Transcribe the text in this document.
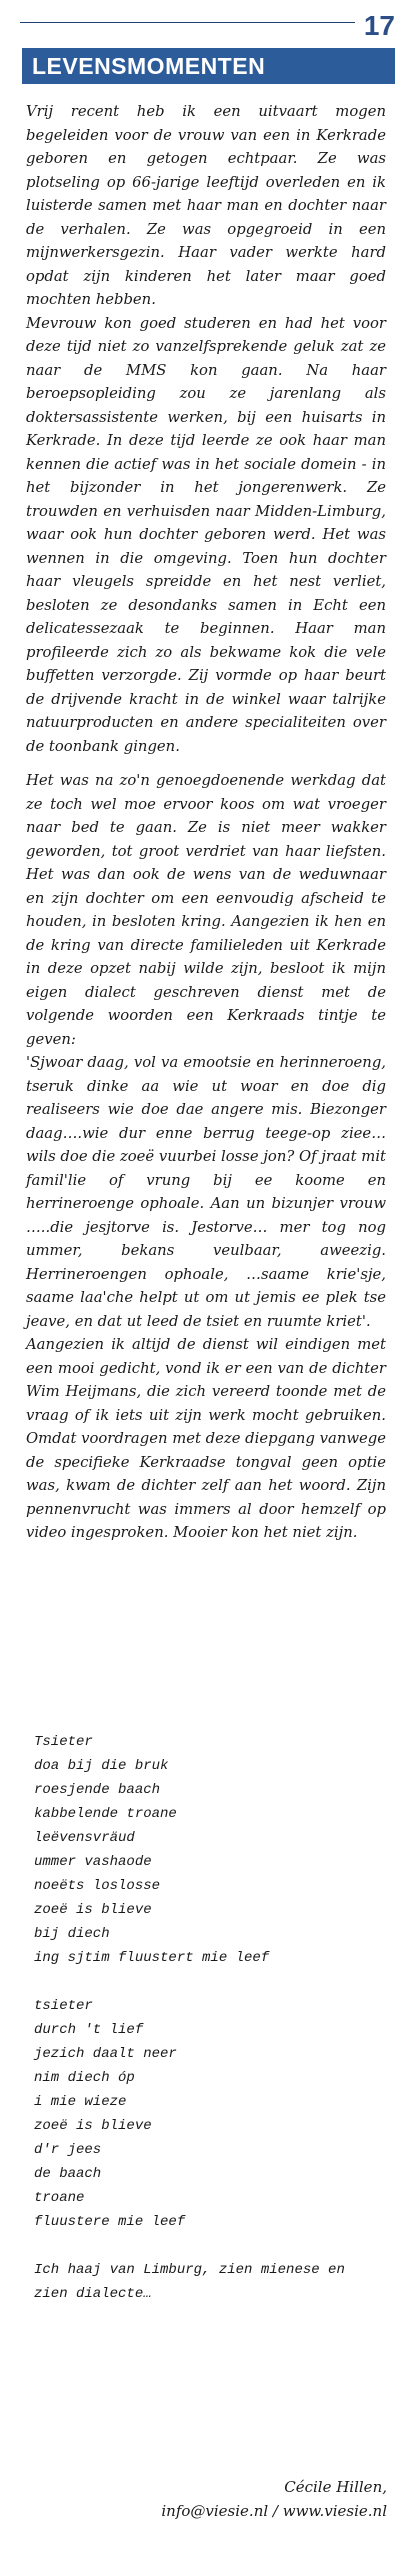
17
LEVENSMOMENTEN

Vrij recent heb ik een uitvaart mogen begeleiden voor de vrouw van een in Kerkrade geboren en getogen echtpaar. Ze was plotseling op 66-jarige leeftijd overleden en ik luisterde samen met haar man en dochter naar de verhalen. Ze was opgegroeid in een mijnwerkersgezin. Haar vader werkte hard opdat zijn kinderen het later maar goed mochten hebben.

Mevrouw kon goed studeren en had het voor deze tijd niet zo vanzelfsprekende geluk zat ze naar de MMS kon gaan. Na haar beroepsopleiding zou ze jarenlang als doktersassistente werken, bij een huisarts in Kerkrade. In deze tijd leerde ze ook haar man kennen die actief was in het sociale domein - in het bijzonder in het jongerenwerk. Ze trouwden en verhuisden naar Midden-Limburg, waar ook hun dochter geboren werd. Het was wennen in die omgeving. Toen hun dochter haar vleugels spreidde en het nest verliet, besloten ze desondanks samen in Echt een delicatessezaak te beginnen. Haar man profileerde zich zo als bekwame kok die vele buffetten verzorgde. Zij vormde op haar beurt de drijvende kracht in de winkel waar talrijke natuurproducten en andere specialiteiten over de toonbank gingen.

Het was na zo'n genoegdoenende werkdag dat ze toch wel moe ervoor koos om wat vroeger naar bed te gaan. Ze is niet meer wakker geworden, tot groot verdriet van haar liefsten. Het was dan ook de wens van de weduwnaar en zijn dochter om een eenvoudig afscheid te houden, in besloten kring. Aangezien ik hen en de kring van directe familieleden uit Kerkrade in deze opzet nabij wilde zijn, besloot ik mijn eigen dialect geschreven dienst met de volgende woorden een Kerkraads tintje te geven:

'Sjwoar daag, vol va emootsie en herinneroeng, tseruk dinke aa wie ut woar en doe dig realiseers wie doe dae angere mis. Biezonger daag….wie dur enne berrug teege-op ziee… wils doe die zoeë vuurbei losse jon? Of jraat mit famil'lie of vrung bij ee koome en herrineroenge ophoale. Aan un bizunjer vrouw …..die jesjtorve is. Jestorve… mer tog nog ummer, bekans veulbaar, aweezig. Herrineroengen ophoale, …saame krie'sje, saame laa'che helpt ut om ut jemis ee plek tse jeave, en dat ut leed de tsiet en ruumte kriet'.

Aangezien ik altijd de dienst wil eindigen met een mooi gedicht, vond ik er een van de dichter Wim Heijmans, die zich vereerd toonde met de vraag of ik iets uit zijn werk mocht gebruiken. Omdat voordragen met deze diepgang vanwege de specifieke Kerkraadse tongval geen optie was, kwam de dichter zelf aan het woord. Zijn pennenvrucht was immers al door hemzelf op video ingesproken. Mooier kon het niet zijn.

Tsieter
doa bij die bruk
roesjende baach
kabbelende troane
leëvensvräud
ummer vashaode
noeëts loslosse
zoeë is blieve
bij diech
ing sjtim fluustert mie leef
tsieter
durch 't lief
jezich daalt neer
nim diech óp
i mie wieze
zoeë is blieve
d'r jees
de baach
troane
fluustere mie leef
Ich haaj van Limburg, zien mienese en
zien dialecte…
Cécile Hillen,
info@viesie.nl / www.viesie.nl
